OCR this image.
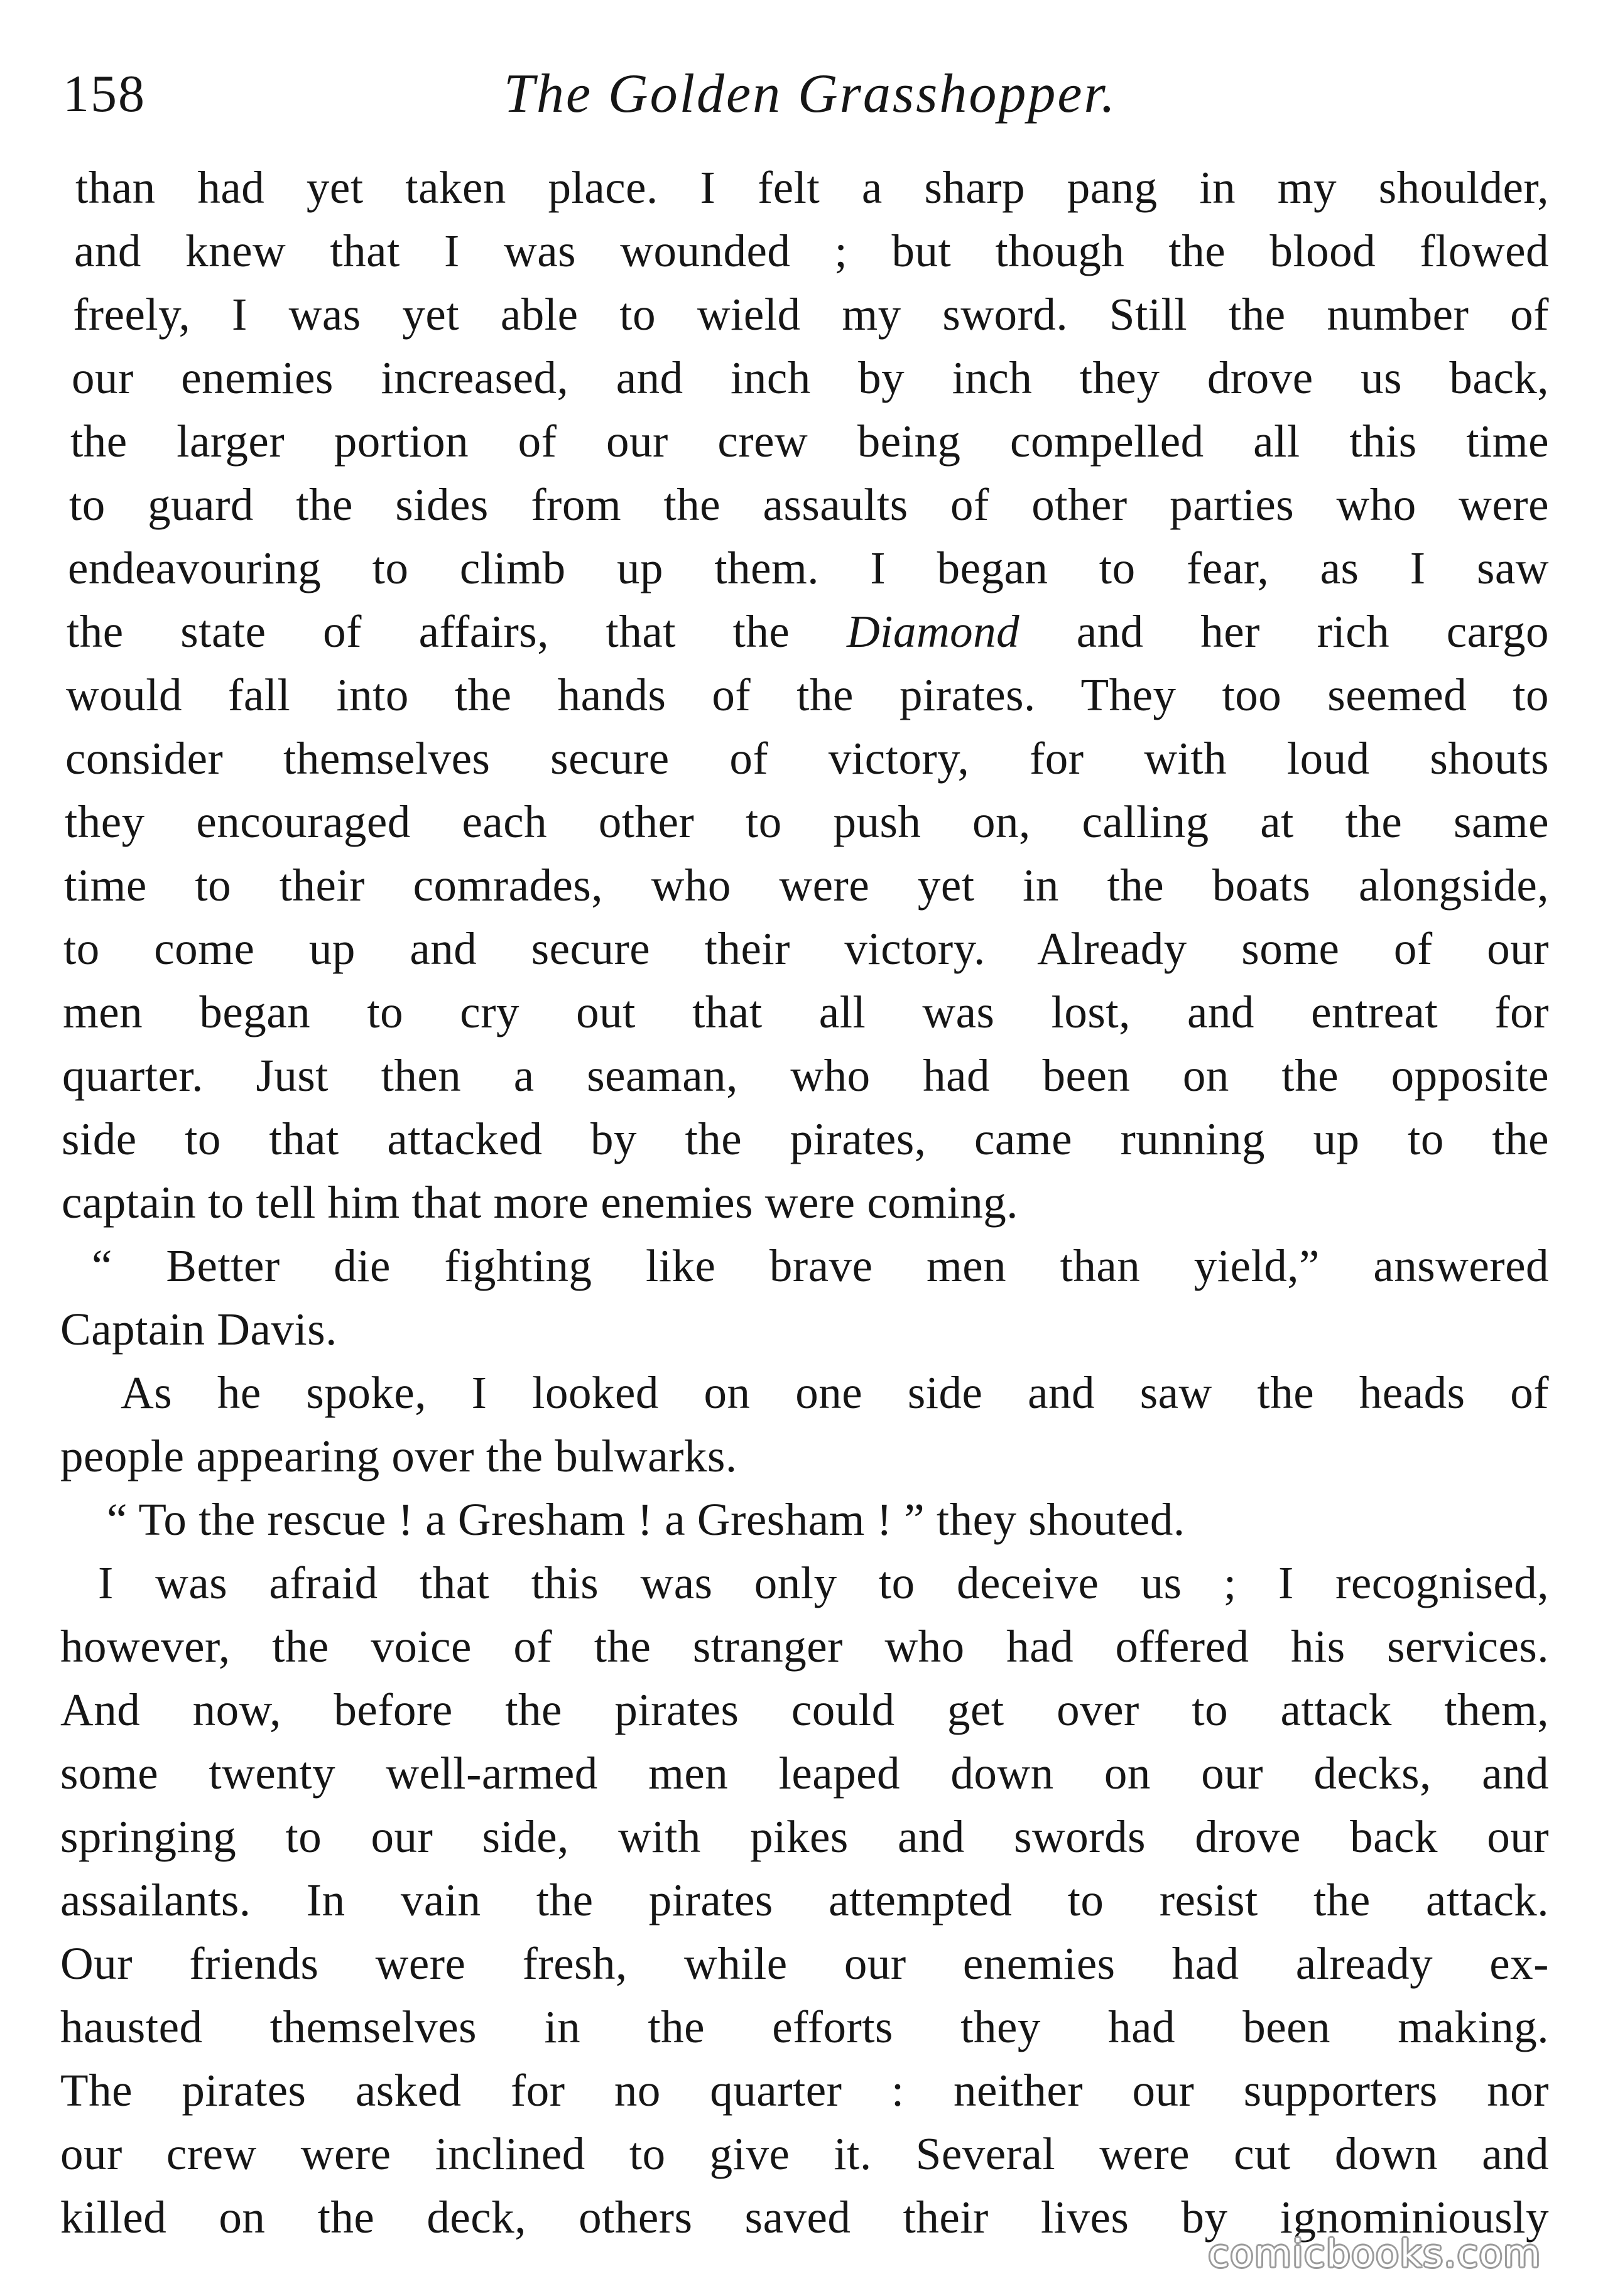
158	The Golden Grasshopper.
than had yet taken place. I felt a sharp pang in my shoulder,
and knew that I was wounded ; but though the blood flowed
freely, I was yet able to wield my sword. Still the number of
our enemies increased, and inch by inch they drove us back,
the larger portion of our crew being compelled all this time
to guard the sides from the assaults of other parties who were
endeavouring to climb up them. I began to fear, as I saw
the state of affairs, that the Diamond and her rich cargo
would fall into the hands of the pirates. They too seemed to
consider themselves secure of victory, for with loud shouts
they encouraged each other to push on, calling at the same
time to their comrades, who were yet in the boats alongside,
to come up and secure their victory. Already some of our
men began to cry out that all was lost, and entreat for
quarter. Just then a seaman, who had been on the opposite
side to that attacked by the pirates, came running up to the
captain to tell him that more enemies were coming.
“ Better die fighting like brave men than yield,” answered
Captain Davis.
As he spoke, I looked on one side and saw the heads of
people appearing over the bulwarks.
“ To the rescue ! a Gresham ! a Gresham ! ” they shouted.
I was afraid that this was only to deceive us ; I recognised,
however, the voice of the stranger who had offered his services.
And now, before the pirates could get over to attack them,
some twenty well-armed men leaped down on our decks, and
springing to our side, with pikes and swords drove back our
assailants. In vain the pirates attempted to resist the attack.
Our friends were fresh, while our enemies had already ex-
hausted themselves in the efforts they had been making.
The pirates asked for no quarter : neither our supporters nor
our crew were inclined to give it. Several were cut down and
killed on the deck, others saved their lives by ignominiously
comicbooks.com
